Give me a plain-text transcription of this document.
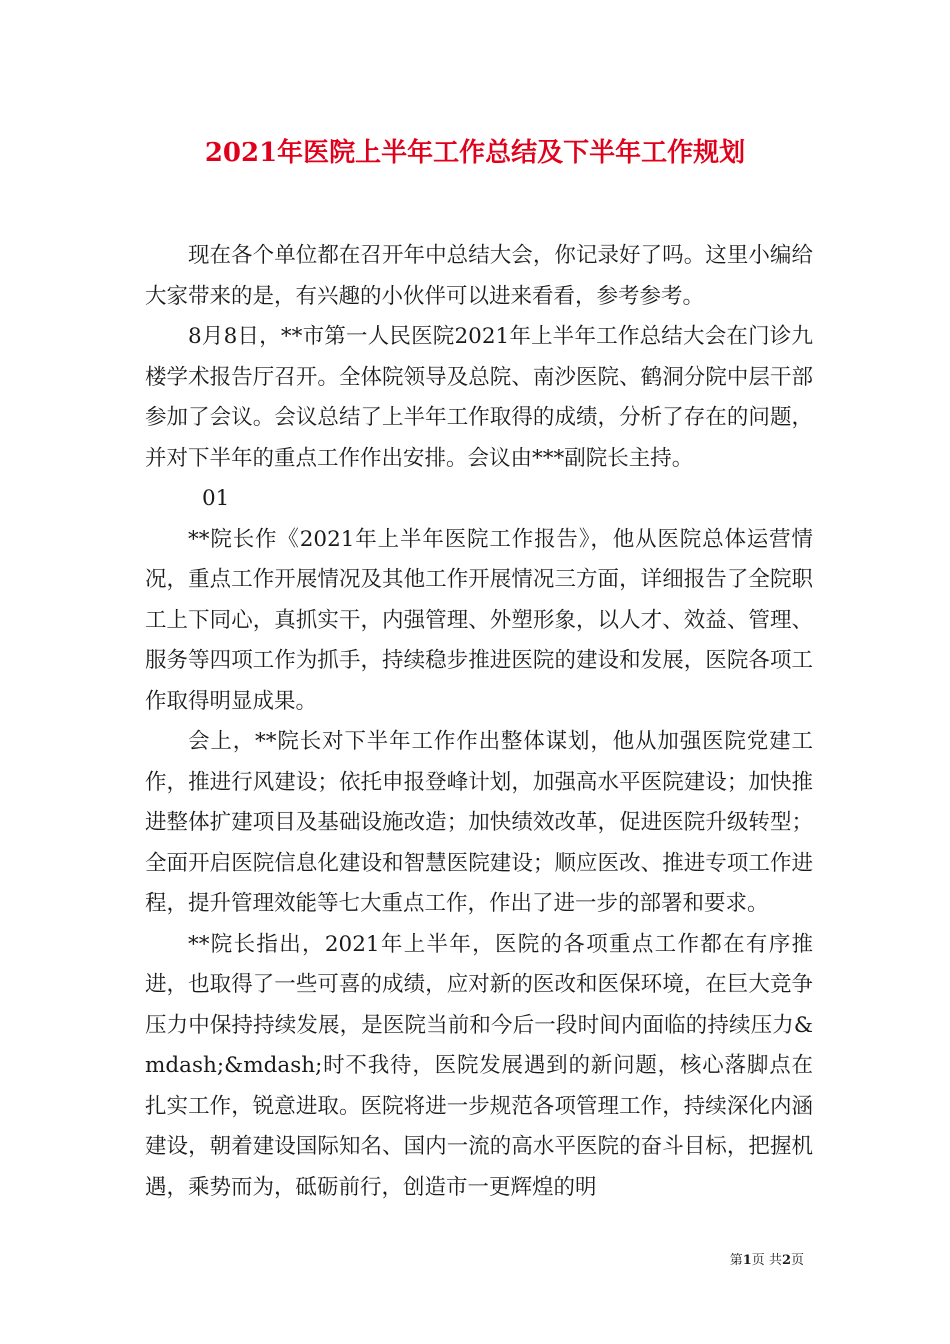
2021年医院上半年工作总结及下半年工作规划

现在各个单位都在召开年中总结大会，你记录好了吗。这里小编给大家带来的是，有兴趣的小伙伴可以进来看看，参考参考。

8月8日，**市第一人民医院2021年上半年工作总结大会在门诊九楼学术报告厅召开。全体院领导及总院、南沙医院、鹤洞分院中层干部参加了会议。会议总结了上半年工作取得的成绩，分析了存在的问题，并对下半年的重点工作作出安排。会议由***副院长主持。

01

**院长作《2021年上半年医院工作报告》，他从医院总体运营情况，重点工作开展情况及其他工作开展情况三方面，详细报告了全院职工上下同心，真抓实干，内强管理、外塑形象，以人才、效益、管理、服务等四项工作为抓手，持续稳步推进医院的建设和发展，医院各项工作取得明显成果。

会上，**院长对下半年工作作出整体谋划，他从加强医院党建工作，推进行风建设；依托申报登峰计划，加强高水平医院建设；加快推进整体扩建项目及基础设施改造；加快绩效改革，促进医院升级转型；全面开启医院信息化建设和智慧医院建设；顺应医改、推进专项工作进程，提升管理效能等七大重点工作，作出了进一步的部署和要求。

**院长指出，2021年上半年，医院的各项重点工作都在有序推进，也取得了一些可喜的成绩，应对新的医改和医保环境，在巨大竞争压力中保持持续发展，是医院当前和今后一段时间内面临的持续压力&mdash;&mdash;时不我待，医院发展遇到的新问题，核心落脚点在扎实工作，锐意进取。医院将进一步规范各项管理工作，持续深化内涵建设，朝着建设国际知名、国内一流的高水平医院的奋斗目标，把握机遇，乘势而为，砥砺前行，创造市一更辉煌的明

第1页 共2页
